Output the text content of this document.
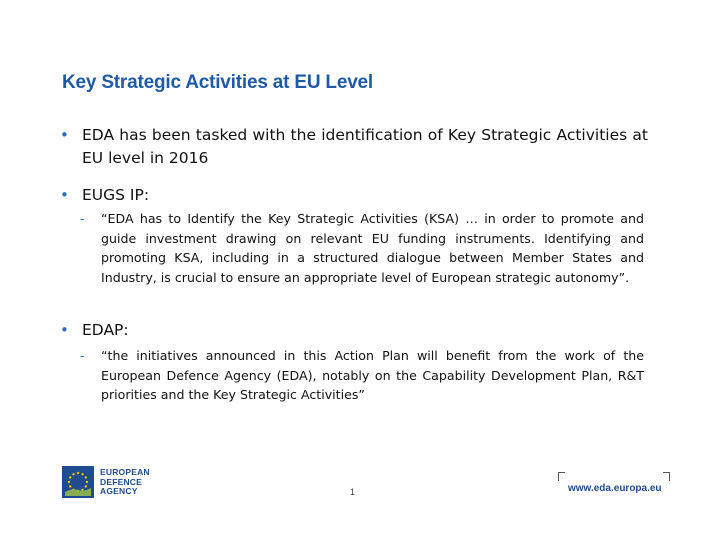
Key Strategic Activities at EU Level
• EDA has been tasked with the identification of Key Strategic Activities at EU level in 2016
• EUGS IP:
- “EDA has to Identify the Key Strategic Activities (KSA) … in order to promote and guide investment drawing on relevant EU funding instruments. Identifying and promoting KSA, including in a structured dialogue between Member States and Industry, is crucial to ensure an appropriate level of European strategic autonomy”.
• EDAP:
- “the initiatives announced in this Action Plan will benefit from the work of the European Defence Agency (EDA), notably on the Capability Development Plan, R&T priorities and the Key Strategic Activities”
EUROPEAN
DEFENCE
AGENCY	1	www.eda.europa.eu
